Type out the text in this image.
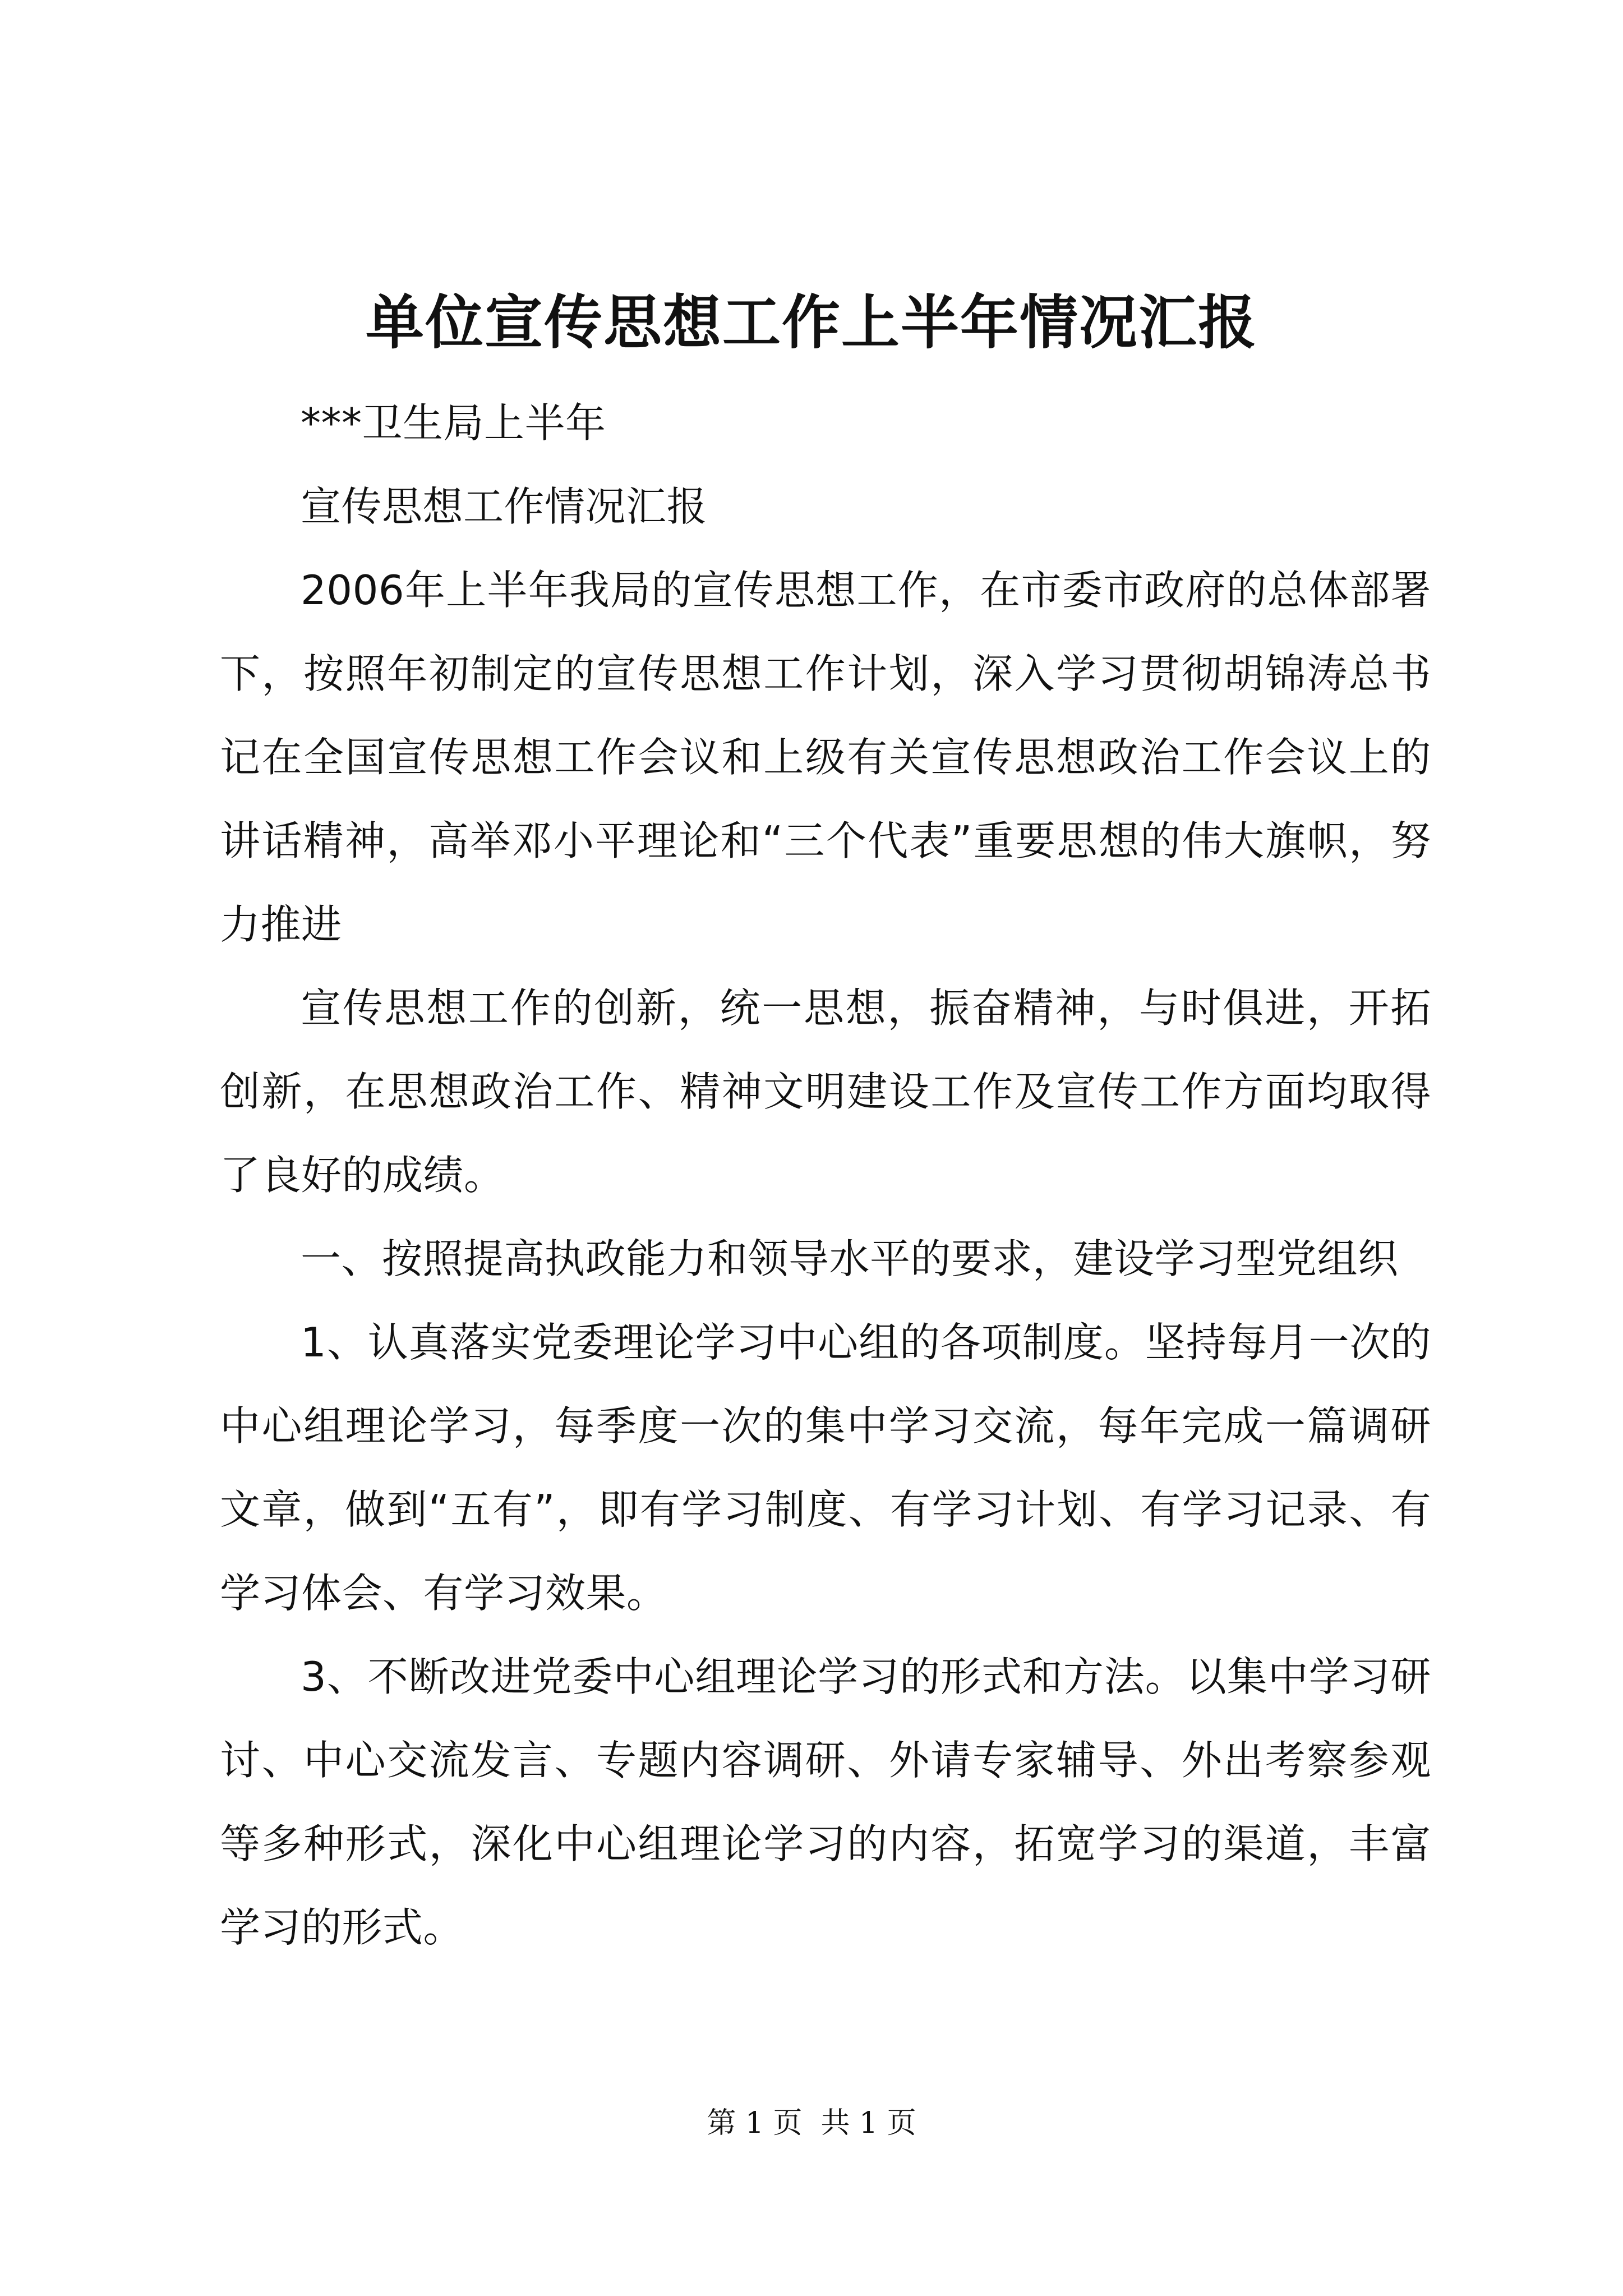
单位宣传思想工作上半年情况汇报

***卫生局上半年

宣传思想工作情况汇报

2006年上半年我局的宣传思想工作，在市委市政府的总体部署下，按照年初制定的宣传思想工作计划，深入学习贯彻胡锦涛总书记在全国宣传思想工作会议和上级有关宣传思想政治工作会议上的讲话精神，高举邓小平理论和“三个代表”重要思想的伟大旗帜，努力推进

宣传思想工作的创新，统一思想，振奋精神，与时俱进，开拓创新，在思想政治工作、精神文明建设工作及宣传工作方面均取得了良好的成绩。

一、按照提高执政能力和领导水平的要求，建设学习型党组织

1、认真落实党委理论学习中心组的各项制度。坚持每月一次的中心组理论学习，每季度一次的集中学习交流，每年完成一篇调研文章，做到“五有”，即有学习制度、有学习计划、有学习记录、有学习体会、有学习效果。

3、不断改进党委中心组理论学习的形式和方法。以集中学习研讨、中心交流发言、专题内容调研、外请专家辅导、外出考察参观等多种形式，深化中心组理论学习的内容，拓宽学习的渠道，丰富学习的形式。

第 1 页  共 1 页
